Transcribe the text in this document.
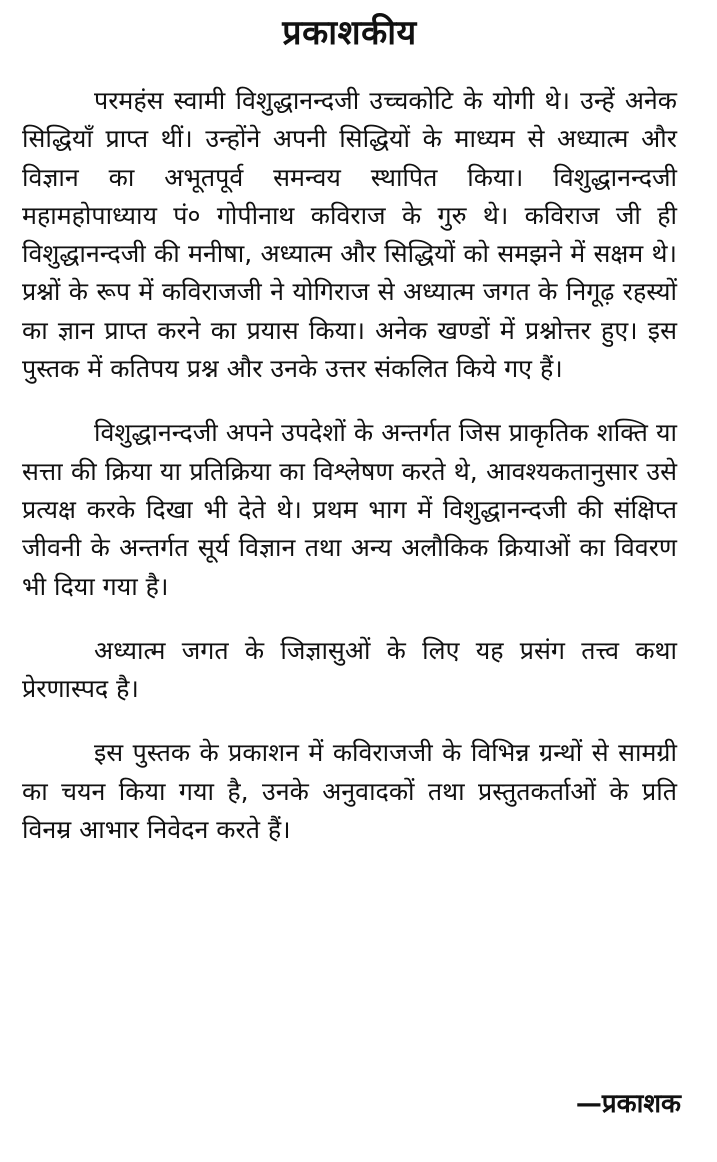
प्रकाशकीय

परमहंस स्वामी विशुद्धानन्दजी उच्चकोटि के योगी थे। उन्हें अनेक सिद्धियाँ प्राप्त थीं। उन्होंने अपनी सिद्धियों के माध्यम से अध्यात्म और विज्ञान का अभूतपूर्व समन्वय स्थापित किया। विशुद्धानन्दजी महामहोपाध्याय पं० गोपीनाथ कविराज के गुरु थे। कविराज जी ही विशुद्धानन्दजी की मनीषा, अध्यात्म और सिद्धियों को समझने में सक्षम थे। प्रश्नों के रूप में कविराजजी ने योगिराज से अध्यात्म जगत के निगूढ़ रहस्यों का ज्ञान प्राप्त करने का प्रयास किया। अनेक खण्डों में प्रश्नोत्तर हुए। इस पुस्तक में कतिपय प्रश्न और उनके उत्तर संकलित किये गए हैं।

विशुद्धानन्दजी अपने उपदेशों के अन्तर्गत जिस प्राकृतिक शक्ति या सत्ता की क्रिया या प्रतिक्रिया का विश्लेषण करते थे, आवश्यकतानुसार उसे प्रत्यक्ष करके दिखा भी देते थे। प्रथम भाग में विशुद्धानन्दजी की संक्षिप्त जीवनी के अन्तर्गत सूर्य विज्ञान तथा अन्य अलौकिक क्रियाओं का विवरण भी दिया गया है।

अध्यात्म जगत के जिज्ञासुओं के लिए यह प्रसंग तत्त्व कथा प्रेरणास्पद है।

इस पुस्तक के प्रकाशन में कविराजजी के विभिन्न ग्रन्थों से सामग्री का चयन किया गया है, उनके अनुवादकों तथा प्रस्तुतकर्ताओं के प्रति विनम्र आभार निवेदन करते हैं।

—प्रकाशक
